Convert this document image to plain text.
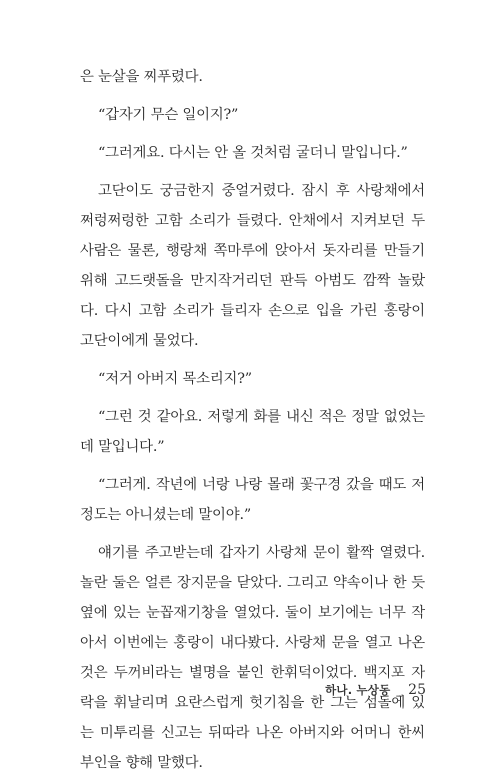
은 눈살을 찌푸렸다.

“갑자기 무슨 일이지?”

“그러게요. 다시는 안 올 것처럼 굴더니 말입니다.”

고단이도 궁금한지 중얼거렸다. 잠시 후 사랑채에서 쩌렁쩌렁한 고함 소리가 들렸다. 안채에서 지켜보던 두 사람은 물론, 행랑채 쪽마루에 앉아서 돗자리를 만들기 위해 고드랫돌을 만지작거리던 판득 아범도 깜짝 놀랐다. 다시 고함 소리가 들리자 손으로 입을 가린 홍랑이 고단이에게 물었다.

“저거 아버지 목소리지?”

“그런 것 같아요. 저렇게 화를 내신 적은 정말 없었는데 말입니다.”

“그러게. 작년에 너랑 나랑 몰래 꽃구경 갔을 때도 저 정도는 아니셨는데 말이야.”

얘기를 주고받는데 갑자기 사랑채 문이 활짝 열렸다. 놀란 둘은 얼른 장지문을 닫았다. 그리고 약속이나 한 듯 옆에 있는 눈꼽재기창을 열었다. 둘이 보기에는 너무 작아서 이번에는 홍랑이 내다봤다. 사랑채 문을 열고 나온 것은 두꺼비라는 별명을 붙인 한휘덕이었다. 백지포 자락을 휘날리며 요란스럽게 헛기침을 한 그는 섬돌에 있는 미투리를 신고는 뒤따라 나온 아버지와 어머니 한씨 부인을 향해 말했다.

하나. 누상동 _ 25
